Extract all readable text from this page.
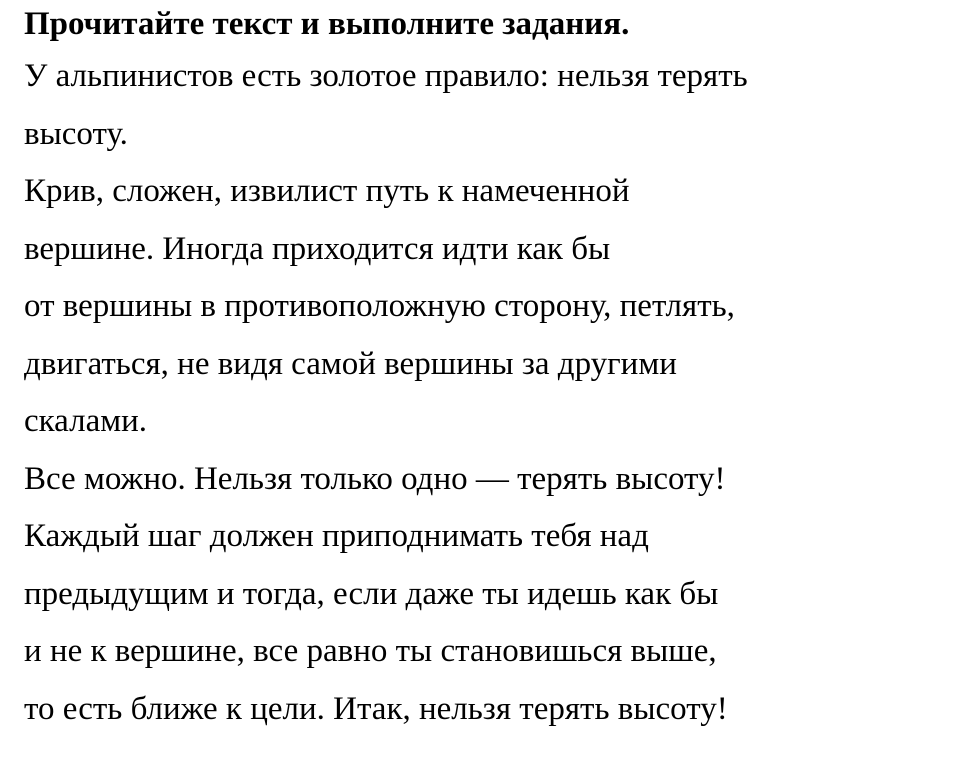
Прочитайте текст и выполните задания.

У альпинистов есть золотое правило: нельзя терять

высоту.

Крив, сложен, извилист путь к намеченной

вершине. Иногда приходится идти как бы

от вершины в противоположную сторону, петлять,

двигаться, не видя самой вершины за другими

скалами.

Все можно. Нельзя только одно — терять высоту!

Каждый шаг должен приподнимать тебя над

предыдущим и тогда, если даже ты идешь как бы

и не к вершине, все равно ты становишься выше,

то есть ближе к цели. Итак, нельзя терять высоту!
